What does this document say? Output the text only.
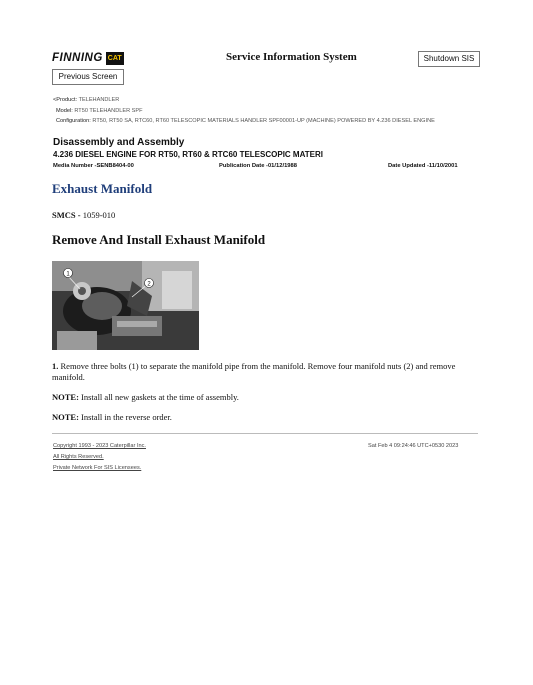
FINNING CAT
Previous Screen
Service Information System	Shutdown SIS
<Product: TELEHANDLER
Model: RT50 TELEHANDLER SPF
Configuration: RT50, RT50 SA, RTC60, RT60 TELESCOPIC MATERIALS HANDLER SPF00001-UP (MACHINE) POWERED BY 4.236 DIESEL ENGINE
Disassembly and Assembly
4.236 DIESEL ENGINE FOR RT50, RT60 & RTC60 TELESCOPIC MATERI
Media Number -SENB8404-00	Publication Date -01/12/1988	Date Updated -11/10/2001
Exhaust Manifold
SMCS - 1059-010
Remove And Install Exhaust Manifold
1
2
1. Remove three bolts (1) to separate the manifold pipe from the manifold. Remove four manifold nuts (2) and remove manifold.
NOTE: Install all new gaskets at the time of assembly.
NOTE: Install in the reverse order.
Copyright 1993 - 2023 Caterpillar Inc.
All Rights Reserved.
Private Network For SIS Licensees.
Sat Feb 4 09:24:46 UTC+0530 2023
